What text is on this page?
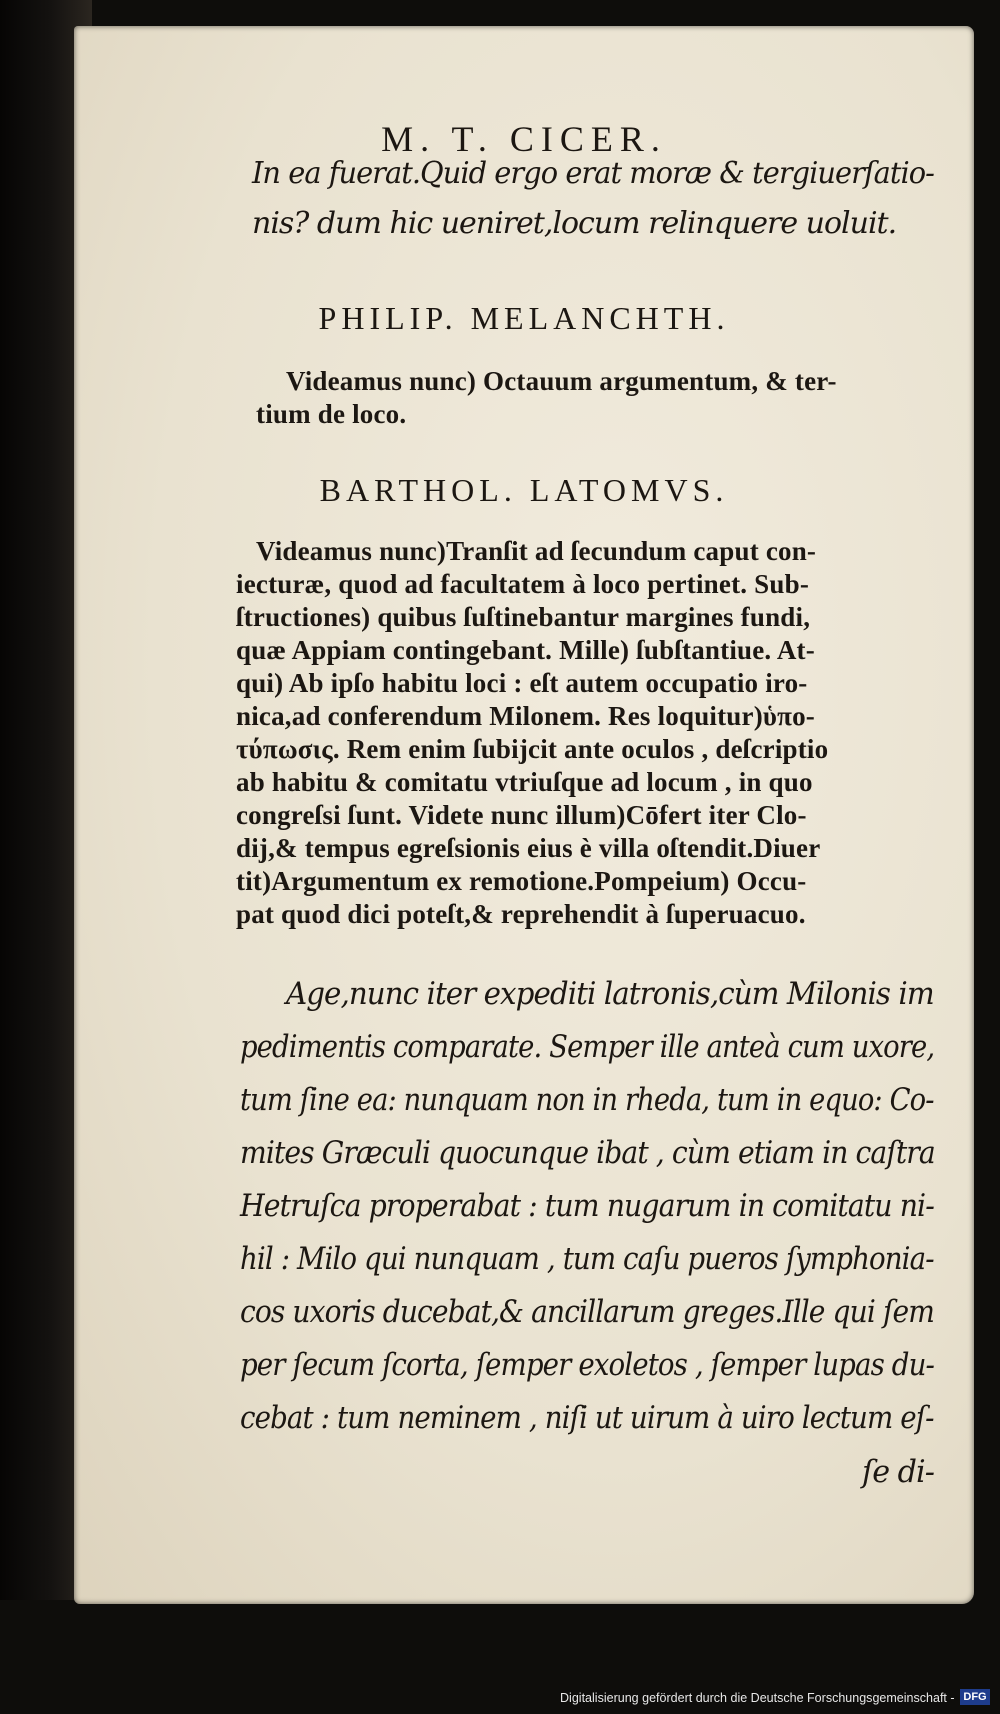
M. T. CICER.

In ea fuerat.Quid ergo erat moræ & tergiuerſatio-

nis? dum hic ueniret,locum relinquere uoluit.

PHILIP. MELANCHTH.

Videamus nunc) Octauum argumentum, & ter-

tium de loco.

BARTHOL. LATOMVS.

Videamus nunc)Tranſit ad ſecundum caput con-

iecturæ, quod ad facultatem à loco pertinet. Sub-

ſtructiones) quibus ſuſtinebantur margines fundi,

quæ Appiam contingebant. Mille) ſubſtantiue. At-

qui) Ab ipſo habitu loci : eſt autem occupatio iro-

nica,ad conferendum Milonem. Res loquitur)ὑπο-

τύπωσις. Rem enim ſubijcit ante oculos , deſcriptio

ab habitu & comitatu vtriuſque ad locum , in quo

congreſsi ſunt. Videte nunc illum)Cōfert iter Clo-

dij,& tempus egreſsionis eius è villa oſtendit.Diuer

tit)Argumentum ex remotione.Pompeium) Occu-

pat quod dici poteſt,& reprehendit à ſuperuacuo.

Age,nunc iter expediti latronis,cùm Milonis im

pedimentis comparate. Semper ille anteà cum uxore,

tum ſine ea: nunquam non in rheda, tum in equo: Co-

mites Græculi quocunque ibat , cùm etiam in caſtra

Hetruſca properabat : tum nugarum in comitatu ni-

hil : Milo qui nunquam , tum caſu pueros ſymphonia-

cos uxoris ducebat,& ancillarum greges.Ille qui ſem

per ſecum ſcorta, ſemper exoletos , ſemper lupas du-

cebat : tum neminem , niſi ut uirum à uiro lectum eſ-

ſe di-

Digitalisierung gefördert durch die Deutsche Forschungsgemeinschaft - DFG
